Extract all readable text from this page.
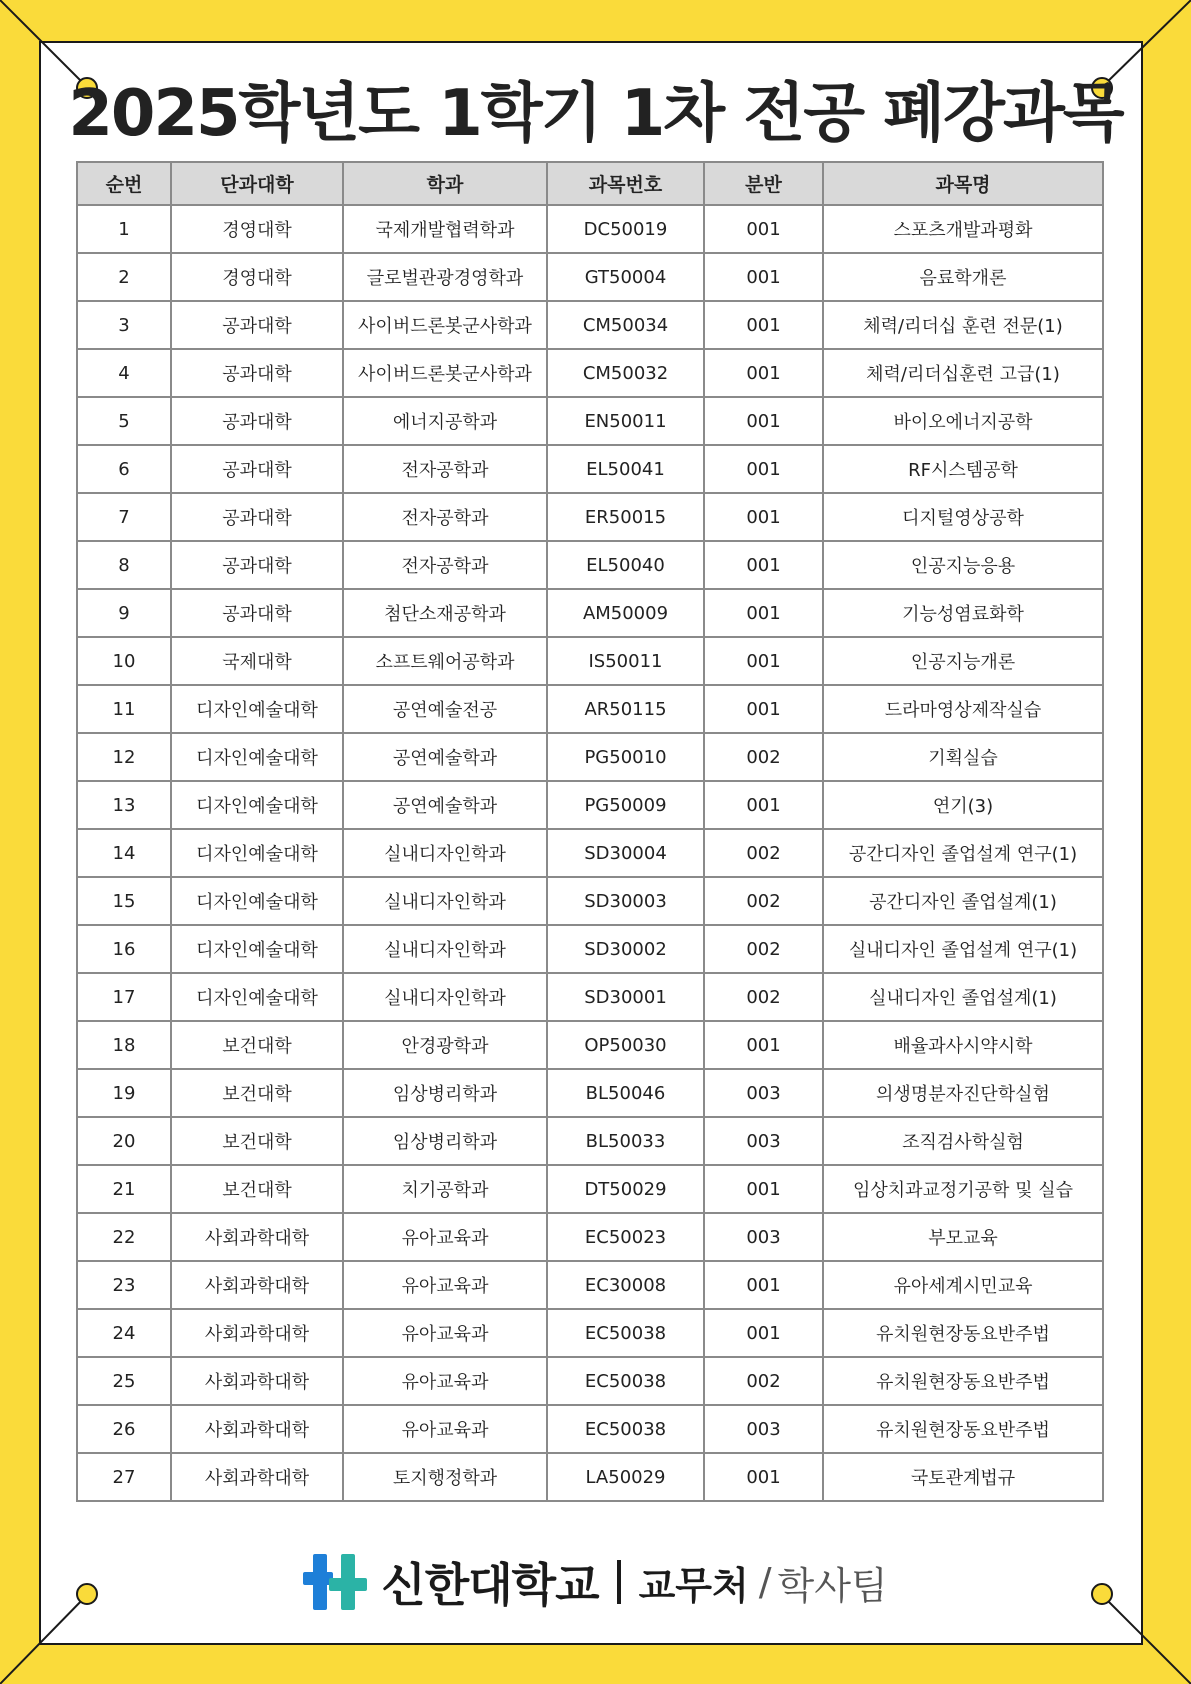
2025학년도 1학기 1차 전공 폐강과목
순번	단과대학	학과	과목번호	분반	과목명
1	경영대학	국제개발협력학과	DC50019	001	스포츠개발과평화
2	경영대학	글로벌관광경영학과	GT50004	001	음료학개론
3	공과대학	사이버드론봇군사학과	CM50034	001	체력/리더십 훈련 전문(1)
4	공과대학	사이버드론봇군사학과	CM50032	001	체력/리더십훈련 고급(1)
5	공과대학	에너지공학과	EN50011	001	바이오에너지공학
6	공과대학	전자공학과	EL50041	001	RF시스템공학
7	공과대학	전자공학과	ER50015	001	디지털영상공학
8	공과대학	전자공학과	EL50040	001	인공지능응용
9	공과대학	첨단소재공학과	AM50009	001	기능성염료화학
10	국제대학	소프트웨어공학과	IS50011	001	인공지능개론
11	디자인예술대학	공연예술전공	AR50115	001	드라마영상제작실습
12	디자인예술대학	공연예술학과	PG50010	002	기획실습
13	디자인예술대학	공연예술학과	PG50009	001	연기(3)
14	디자인예술대학	실내디자인학과	SD30004	002	공간디자인 졸업설계 연구(1)
15	디자인예술대학	실내디자인학과	SD30003	002	공간디자인 졸업설계(1)
16	디자인예술대학	실내디자인학과	SD30002	002	실내디자인 졸업설계 연구(1)
17	디자인예술대학	실내디자인학과	SD30001	002	실내디자인 졸업설계(1)
18	보건대학	안경광학과	OP50030	001	배율과사시약시학
19	보건대학	임상병리학과	BL50046	003	의생명분자진단학실험
20	보건대학	임상병리학과	BL50033	003	조직검사학실험
21	보건대학	치기공학과	DT50029	001	임상치과교정기공학 및 실습
22	사회과학대학	유아교육과	EC50023	003	부모교육
23	사회과학대학	유아교육과	EC30008	001	유아세계시민교육
24	사회과학대학	유아교육과	EC50038	001	유치원현장동요반주법
25	사회과학대학	유아교육과	EC50038	002	유치원현장동요반주법
26	사회과학대학	유아교육과	EC50038	003	유치원현장동요반주법
27	사회과학대학	토지행정학과	LA50029	001	국토관계법규
신한대학교 교무처 / 학사팀
